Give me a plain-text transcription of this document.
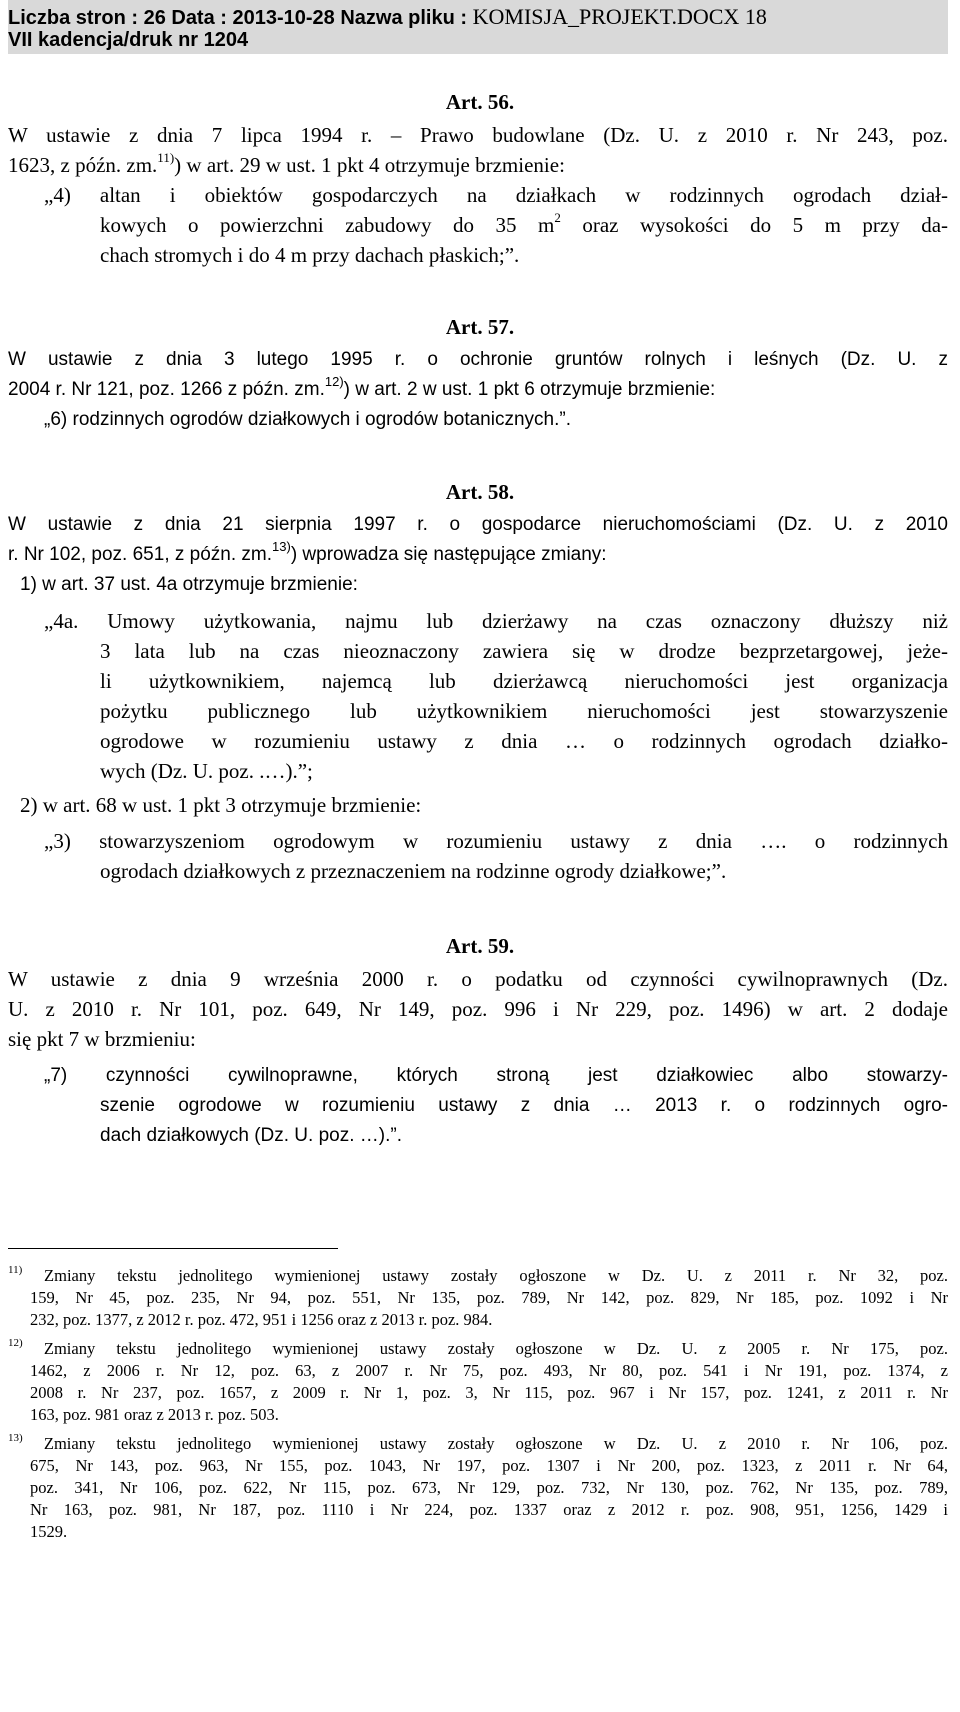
Liczba stron : 26 Data : 2013-10-28 Nazwa pliku : KOMISJA_PROJEKT.DOCX 18
VII kadencja/druk nr 1204
Art. 56.
W ustawie z dnia 7 lipca 1994 r. – Prawo budowlane (Dz. U. z 2010 r. Nr 243, poz.
1623, z późn. zm.$^{11)}$) w art. 29 w ust. 1 pkt 4 otrzymuje brzmienie:
„4) altan i obiektów gospodarczych na działkach w rodzinnych ogrodach dział-
kowych o powierzchni zabudowy do 35 $m^2$ oraz wysokości do 5 m przy da-
chach stromych i do 4 m przy dachach płaskich;”.
Art. 57.
W ustawie z dnia 3 lutego 1995 r. o ochronie gruntów rolnych i leśnych (Dz. U. z
2004 r. Nr 121, poz. 1266 z późn. zm.$^{12)}$) w art. 2 w ust. 1 pkt 6 otrzymuje brzmienie:
„6) rodzinnych ogrodów działkowych i ogrodów botanicznych.”.
Art. 58.
W ustawie z dnia 21 sierpnia 1997 r. o gospodarce nieruchomościami (Dz. U. z 2010
r. Nr 102, poz. 651, z późn. zm.$^{13)}$) wprowadza się następujące zmiany:
1) w art. 37 ust. 4a otrzymuje brzmienie:
„4a. Umowy użytkowania, najmu lub dzierżawy na czas oznaczony dłuższy niż
3 lata lub na czas nieoznaczony zawiera się w drodze bezprzetargowej, jeże-
li użytkownikiem, najemcą lub dzierżawcą nieruchomości jest organizacja
pożytku publicznego lub użytkownikiem nieruchomości jest stowarzyszenie
ogrodowe w rozumieniu ustawy z dnia … o rodzinnych ogrodach działko-
wych (Dz. U. poz. .…).”;
2) w art. 68 w ust. 1 pkt 3 otrzymuje brzmienie:
„3) stowarzyszeniom ogrodowym w rozumieniu ustawy z dnia …. o rodzinnych
ogrodach działkowych z przeznaczeniem na rodzinne ogrody działkowe;”.
Art. 59.
W ustawie z dnia 9 września 2000 r. o podatku od czynności cywilnoprawnych (Dz.
U. z 2010 r. Nr 101, poz. 649, Nr 149, poz. 996 i Nr 229, poz. 1496) w art. 2 dodaje
się pkt 7 w brzmieniu:
„7) czynności cywilnoprawne, których stroną jest działkowiec albo stowarzy-
szenie ogrodowe w rozumieniu ustawy z dnia … 2013 r. o rodzinnych ogro-
dach działkowych (Dz. U. poz. …).”.
$^{11)}$ Zmiany tekstu jednolitego wymienionej ustawy zostały ogłoszone w Dz. U. z 2011 r. Nr 32, poz.
159, Nr 45, poz. 235, Nr 94, poz. 551, Nr 135, poz. 789, Nr 142, poz. 829, Nr 185, poz. 1092 i Nr
232, poz. 1377, z 2012 r. poz. 472, 951 i 1256 oraz z 2013 r. poz. 984.
$^{12)}$ Zmiany tekstu jednolitego wymienionej ustawy zostały ogłoszone w Dz. U. z 2005 r. Nr 175, poz.
1462, z 2006 r. Nr 12, poz. 63, z 2007 r. Nr 75, poz. 493, Nr 80, poz. 541 i Nr 191, poz. 1374, z
2008 r. Nr 237, poz. 1657, z 2009 r. Nr 1, poz. 3, Nr 115, poz. 967 i Nr 157, poz. 1241, z 2011 r. Nr
163, poz. 981 oraz z 2013 r. poz. 503.
$^{13)}$ Zmiany tekstu jednolitego wymienionej ustawy zostały ogłoszone w Dz. U. z 2010 r. Nr 106, poz.
675, Nr 143, poz. 963, Nr 155, poz. 1043, Nr 197, poz. 1307 i Nr 200, poz. 1323, z 2011 r. Nr 64,
poz. 341, Nr 106, poz. 622, Nr 115, poz. 673, Nr 129, poz. 732, Nr 130, poz. 762, Nr 135, poz. 789,
Nr 163, poz. 981, Nr 187, poz. 1110 i Nr 224, poz. 1337 oraz z 2012 r. poz. 908, 951, 1256, 1429 i
1529.
